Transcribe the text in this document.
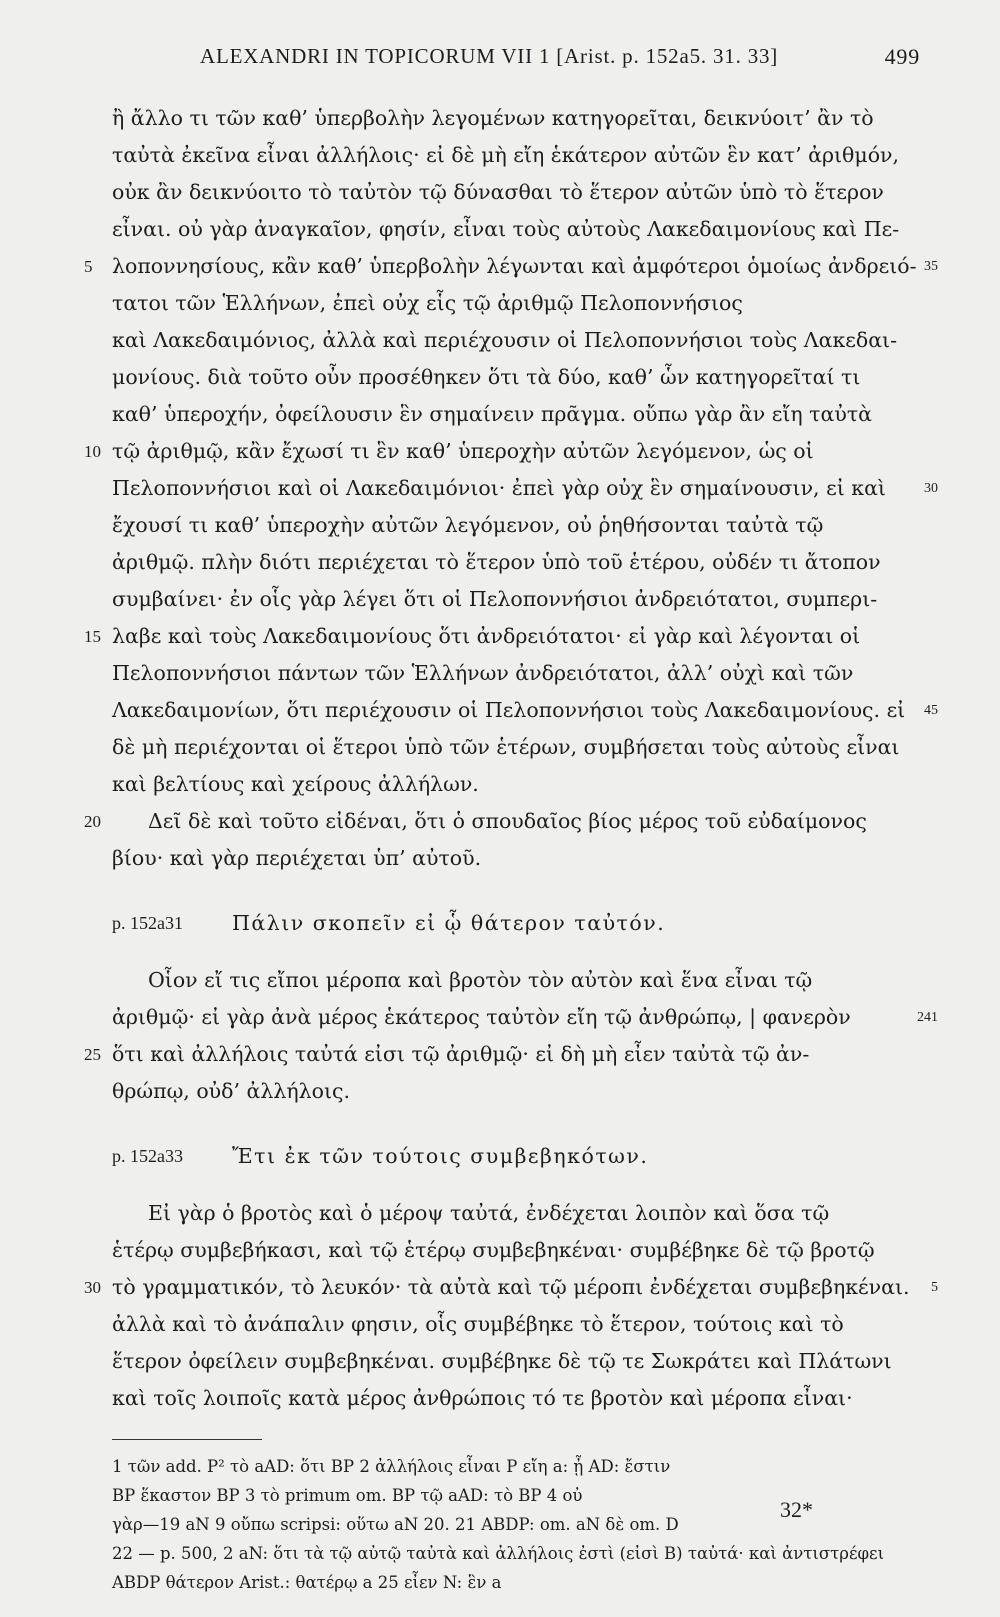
ALEXANDRI IN TOPICORUM VII 1 [Arist. p. 152a5. 31. 33]	499
ἢ ἄλλο τι τῶν καθ’ ὑπερβολὴν λεγομένων κατηγορεῖται, δεικνύοιτ’ ἂν τὸ
ταὐτὰ ἐκεῖνα εἶναι ἀλλήλοις· εἰ δὲ μὴ εἴη ἑκάτερον αὐτῶν ἓν κατ’ ἀριθμόν,
οὐκ ἂν δεικνύοιτο τὸ ταὐτὸν τῷ δύνασθαι τὸ ἕτερον αὐτῶν ὑπὸ τὸ ἕτερον
εἶναι. οὐ γὰρ ἀναγκαῖον, φησίν, εἶναι τοὺς αὐτοὺς Λακεδαιμονίους καὶ Πε-
5 λοποννησίους, κἂν καθ’ ὑπερβολὴν λέγωνται καὶ ἀμφότεροι ὁμοίως ἀνδρειό- 35
τατοι τῶν Ἑλλήνων, ἐπεὶ οὐχ εἷς τῷ ἀριθμῷ Πελοποννήσιος
καὶ Λακεδαιμόνιος, ἀλλὰ καὶ περιέχουσιν οἱ Πελοποννήσιοι τοὺς Λακεδαι-
μονίους. διὰ τοῦτο οὖν προσέθηκεν ὅτι τὰ δύο, καθ’ ὧν κατηγορεῖταί τι
καθ’ ὑπεροχήν, ὀφείλουσιν ἓν σημαίνειν πρᾶγμα. οὔπω γὰρ ἂν εἴη ταὐτὰ
10 τῷ ἀριθμῷ, κἂν ἔχωσί τι ἓν καθ’ ὑπεροχὴν αὐτῶν λεγόμενον, ὡς οἱ
Πελοποννήσιοι καὶ οἱ Λακεδαιμόνιοι· ἐπεὶ γὰρ οὐχ ἓν σημαίνουσιν, εἰ καὶ	30
ἔχουσί τι καθ’ ὑπεροχὴν αὐτῶν λεγόμενον, οὐ ῥηθήσονται ταὐτὰ τῷ
ἀριθμῷ. πλὴν διότι περιέχεται τὸ ἕτερον ὑπὸ τοῦ ἑτέρου, οὐδέν τι ἄτοπον
συμβαίνει· ἐν οἷς γὰρ λέγει ὅτι οἱ Πελοποννήσιοι ἀνδρειότατοι, συμπερι-
15 λαβε καὶ τοὺς Λακεδαιμονίους ὅτι ἀνδρειότατοι· εἰ γὰρ καὶ λέγονται οἱ
Πελοποννήσιοι πάντων τῶν Ἑλλήνων ἀνδρειότατοι, ἀλλ’ οὐχὶ καὶ τῶν
Λακεδαιμονίων, ὅτι περιέχουσιν οἱ Πελοποννήσιοι τοὺς Λακεδαιμονίους. εἰ 45
δὲ μὴ περιέχονται οἱ ἕτεροι ὑπὸ τῶν ἑτέρων, συμβήσεται τοὺς αὐτοὺς εἶναι
καὶ βελτίους καὶ χείρους ἀλλήλων.
20	Δεῖ δὲ καὶ τοῦτο εἰδέναι, ὅτι ὁ σπουδαῖος βίος μέρος τοῦ εὐδαίμονος
βίου· καὶ γὰρ περιέχεται ὑπ’ αὐτοῦ.
p. 152a31 Πάλιν σκοπεῖν εἰ ᾧ θάτερον ταὐτόν.
Οἷον εἴ τις εἴποι μέροπα καὶ βροτὸν τὸν αὐτὸν καὶ ἕνα εἶναι τῷ
ἀριθμῷ· εἰ γὰρ ἀνὰ μέρος ἑκάτερος ταὐτὸν εἴη τῷ ἀνθρώπῳ, | φανερὸν	241
25 ὅτι καὶ ἀλλήλοις ταὐτά εἰσι τῷ ἀριθμῷ· εἰ δὴ μὴ εἶεν ταὐτὰ τῷ ἀν-
θρώπῳ, οὐδ’ ἀλλήλοις.
p. 152a33 Ἔτι ἐκ τῶν τούτοις συμβεβηκότων.
Εἰ γὰρ ὁ βροτὸς καὶ ὁ μέροψ ταὐτά, ἐνδέχεται λοιπὸν καὶ ὅσα τῷ
ἑτέρῳ συμβεβήκασι, καὶ τῷ ἑτέρῳ συμβεβηκέναι· συμβέβηκε δὲ τῷ βροτῷ
30 τὸ γραμματικόν, τὸ λευκόν· τὰ αὐτὰ καὶ τῷ μέροπι ἐνδέχεται συμβεβηκέναι. 5
ἀλλὰ καὶ τὸ ἀνάπαλιν φησιν, οἷς συμβέβηκε τὸ ἕτερον, τούτοις καὶ τὸ
ἕτερον ὀφείλειν συμβεβηκέναι. συμβέβηκε δὲ τῷ τε Σωκράτει καὶ Πλάτωνι
καὶ τοῖς λοιποῖς κατὰ μέρος ἀνθρώποις τό τε βροτὸν καὶ μέροπα εἶναι·
1 τῶν add. P² τὸ aAD: ὅτι BP 2 ἀλλήλοις εἶναι P εἴη a: ᾖ AD: ἔστιν
BP ἕκαστον BP 3 τὸ primum om. BP τῷ aAD: τὸ BP 4 οὐ
γὰρ—19 aN 9 οὔπω scripsi: οὕτω aN 20. 21 ABDP: om. aN δὲ om. D
22 — p. 500, 2 aN: ὅτι τὰ τῷ αὐτῷ ταὐτὰ καὶ ἀλλήλοις ἐστὶ (εἰσὶ B) ταὐτά· καὶ ἀντιστρέφει
ABDP θάτερον Arist.: θατέρῳ a 25 εἶεν N: ἓν a
32*
